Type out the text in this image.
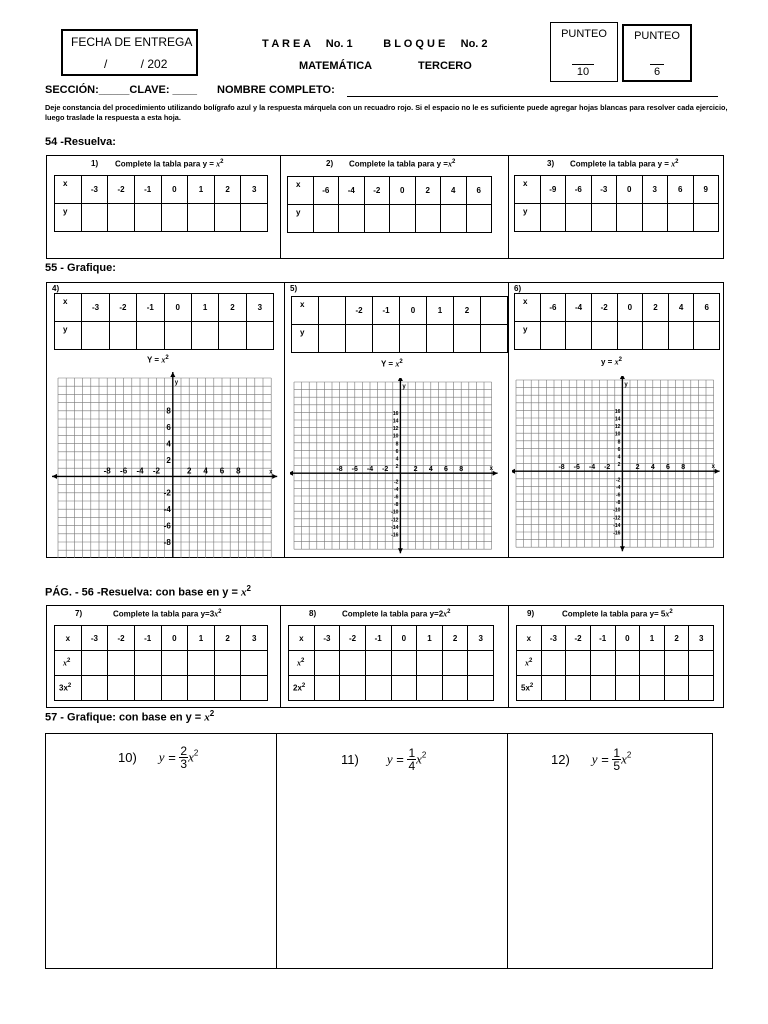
FECHA DE ENTREGA
/          / 202
T A R E A     No. 1          B L O Q U E     No. 2
MATEMÁTICA	TERCERO
PUNTEO
10
PUNTEO
6
SECCIÓN:_____CLAVE: ____ NOMBRE COMPLETO:
Deje constancia del procedimiento utilizando bolígrafo azul y la respuesta márquela con un recuadro rojo. Si el espacio no le es suficiente puede agregar hojas blancas para resolver cada ejercicio, luego traslade la respuesta a esta hoja.
54 -Resuelva:
1) Complete la tabla para $y = x^2$	2) Complete la tabla para $y =x^2$	3) Complete la tabla para $y = x^2$
x	-3	-2	-1	0	1	2	3
y							
x	-6	-4	-2	0	2	4	6
y							
x	-9	-6	-3	0	3	6	9
y							
55 - Grafique:
4)	5)	6)
x	-3	-2	-1	0	1	2	3
y							
x		-2	-1	0	1	2	
y							
x	-6	-4	-2	0	2	4	6
y							
$Y = x^2$
$Y = x^2$	$y = x^2$
x
y
-8 -6 -4 -2	2 4 6 8
8
6
4
2
-2
-4
-6
-8
x
y
-8 -6 -4 -2	2 4 6 8
16
14
12
10
8
6
4
2
-2
-4
-6
-8
-10
-12
-14
-16
x
y
-8 -6 -4 -2	2 4 6 8
16
14
12
10
8
6
4
2
-2
-4
-6
-8
-10
-12
-14
-16
PÁG. - 56 -Resuelva: con base en $y = x^2$
7)	Complete la tabla para $y=3x^2$	8)	Complete la tabla para $y=2x^2$	9)	Complete la tabla para $y= 5x^2$
x	-3	-2	-1	0	1	2	3
$x^2$							
$3x^2$							
x	-3	-2	-1	0	1	2	3
$x^2$							
$2x^2$							
x	-3	-2	-1	0	1	2	3
$x^2$							
$5x^2$							
57 - Grafique: con base en $y = x^2$
10) $y = \frac{2}{3} x^2$	11) $y = \frac{1}{4} x^2$	12) $y = \frac{1}{5} x^2$
